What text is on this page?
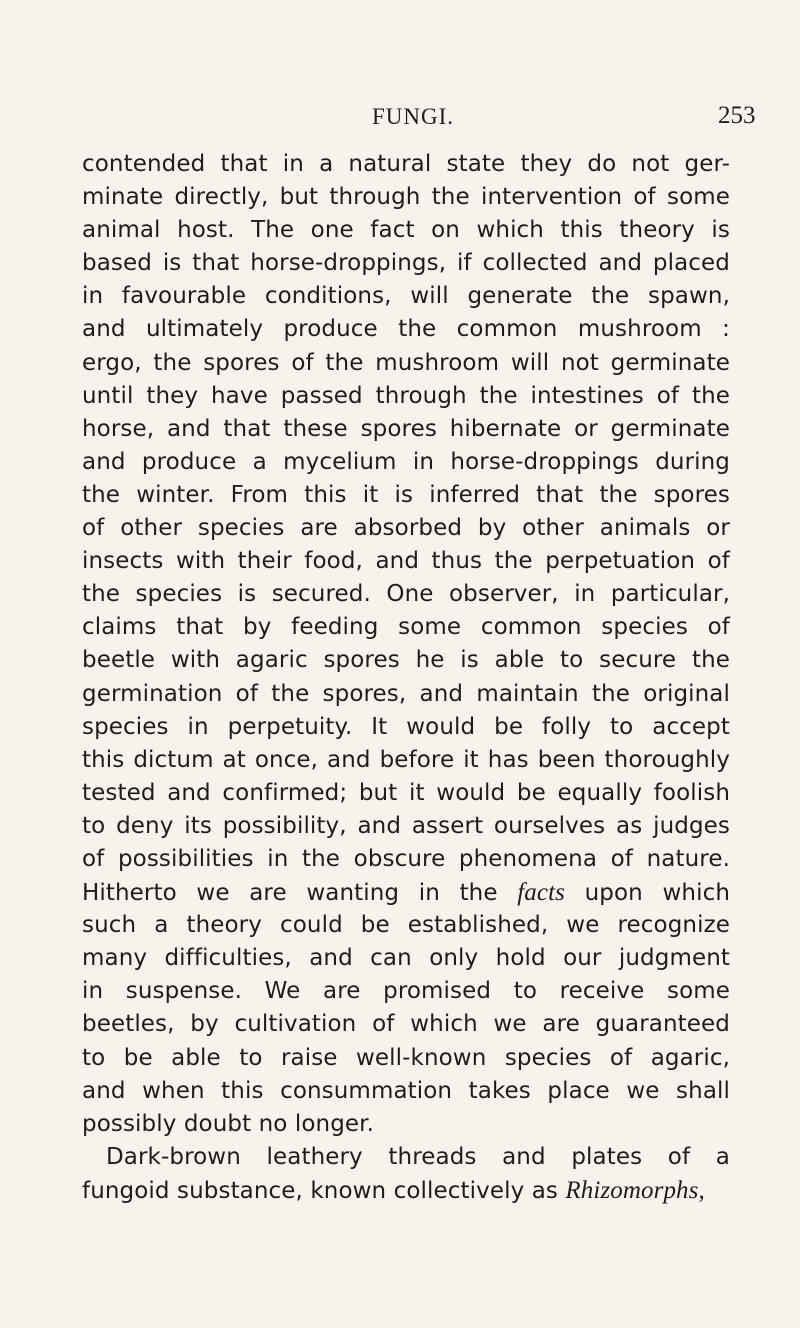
FUNGI.	253
contended that in a natural state they do not ger-
minate directly, but through the intervention of some
animal host. The one fact on which this theory is
based is that horse-droppings, if collected and placed
in favourable conditions, will generate the spawn,
and ultimately produce the common mushroom :
ergo, the spores of the mushroom will not germinate
until they have passed through the intestines of the
horse, and that these spores hibernate or germinate
and produce a mycelium in horse-droppings during
the winter. From this it is inferred that the spores
of other species are absorbed by other animals or
insects with their food, and thus the perpetuation of
the species is secured. One observer, in particular,
claims that by feeding some common species of
beetle with agaric spores he is able to secure the
germination of the spores, and maintain the original
species in perpetuity. It would be folly to accept
this dictum at once, and before it has been thoroughly
tested and confirmed; but it would be equally foolish
to deny its possibility, and assert ourselves as judges
of possibilities in the obscure phenomena of nature.
Hitherto we are wanting in the facts upon which
such a theory could be established, we recognize
many difficulties, and can only hold our judgment
in suspense. We are promised to receive some
beetles, by cultivation of which we are guaranteed
to be able to raise well-known species of agaric,
and when this consummation takes place we shall
possibly doubt no longer.
Dark-brown leathery threads and plates of a
fungoid substance, known collectively as Rhizomorphs,
